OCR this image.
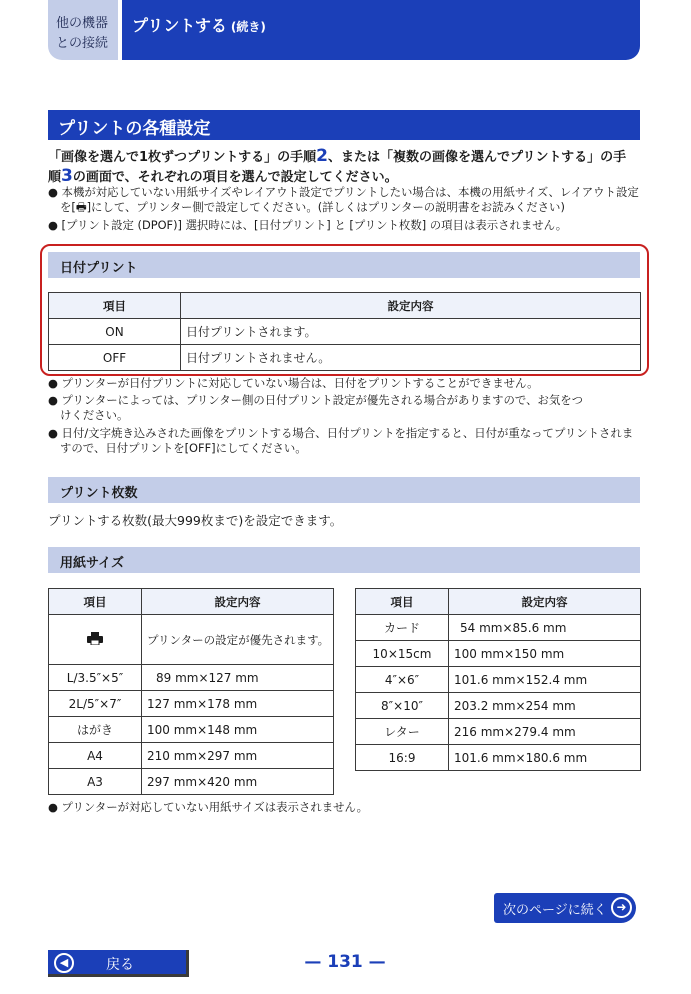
他の機器
との接続
プリントする (続き)
プリントの各種設定
「画像を選んで1枚ずつプリントする」の手順2、または「複数の画像を選んでプリントする」の手
順3の画面で、それぞれの項目を選んで設定してください。
● 本機が対応していない用紙サイズやレイアウト設定でプリントしたい場合は、本機の用紙サイズ、レイアウト設定を[🖶]にして、プリンター側で設定してください。(詳しくはプリンターの説明書をお読みください)
● [プリント設定 (DPOF)] 選択時には、[日付プリント] と [プリント枚数] の項目は表示されません。
日付プリント
項目	設定内容
ON	日付プリントされます。
OFF	日付プリントされません。
● プリンターが日付プリントに対応していない場合は、日付をプリントすることができません。
● プリンターによっては、プリンター側の日付プリント設定が優先される場合がありますので、お気をつけください。
● 日付/文字焼き込みされた画像をプリントする場合、日付プリントを指定すると、日付が重なってプリントされますので、日付プリントを[OFF]にしてください。
プリント枚数
プリントする枚数(最大999枚まで)を設定できます。
用紙サイズ
項目	設定内容
	プリンターの設定が優先されます。
L/3.5″×5″	89 mm×127 mm
2L/5″×7″	127 mm×178 mm
はがき	100 mm×148 mm
A4	210 mm×297 mm
A3	297 mm×420 mm
項目	設定内容
カード	54 mm×85.6 mm
10×15cm	100 mm×150 mm
4″×6″	101.6 mm×152.4 mm
8″×10″	203.2 mm×254 mm
レター	216 mm×279.4 mm
16:9	101.6 mm×180.6 mm
● プリンターが対応していない用紙サイズは表示されません。
次のページに続く ➜
◀	戻る	— 131 —
